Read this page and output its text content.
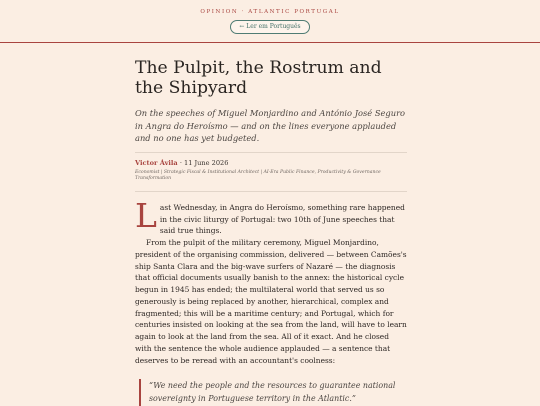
OPINION · ATLANTIC PORTUGAL
← Ler em Português
The Pulpit, the Rostrum and the Shipyard

On the speeches of Miguel Monjardino and António José Seguro in Angra do Heroísmo — and on the lines everyone applauded and no one has yet budgeted.

Victor Ávila · 11 June 2026
Economist | Strategic Fiscal & Institutional Architect | AI-Era Public Finance, Productivity & Governance Transformation
Last Wednesday, in Angra do Heroísmo, something rare happened in the civic liturgy of Portugal: two 10th of June speeches that said true things.
From the pulpit of the military ceremony, Miguel Monjardino, president of the organising commission, delivered — between Camões's ship Santa Clara and the big-wave surfers of Nazaré — the diagnosis that official documents usually banish to the annex: the historical cycle begun in 1945 has ended; the multilateral world that served us so generously is being replaced by another, hierarchical, complex and fragmented; this will be a maritime century; and Portugal, which for centuries insisted on looking at the sea from the land, will have to learn again to look at the land from the sea. All of it exact. And he closed with the sentence the whole audience applauded — a sentence that deserves to be reread with an accountant's coolness:
“We need the people and the resources to guarantee national sovereignty in Portuguese territory in the Atlantic.”
